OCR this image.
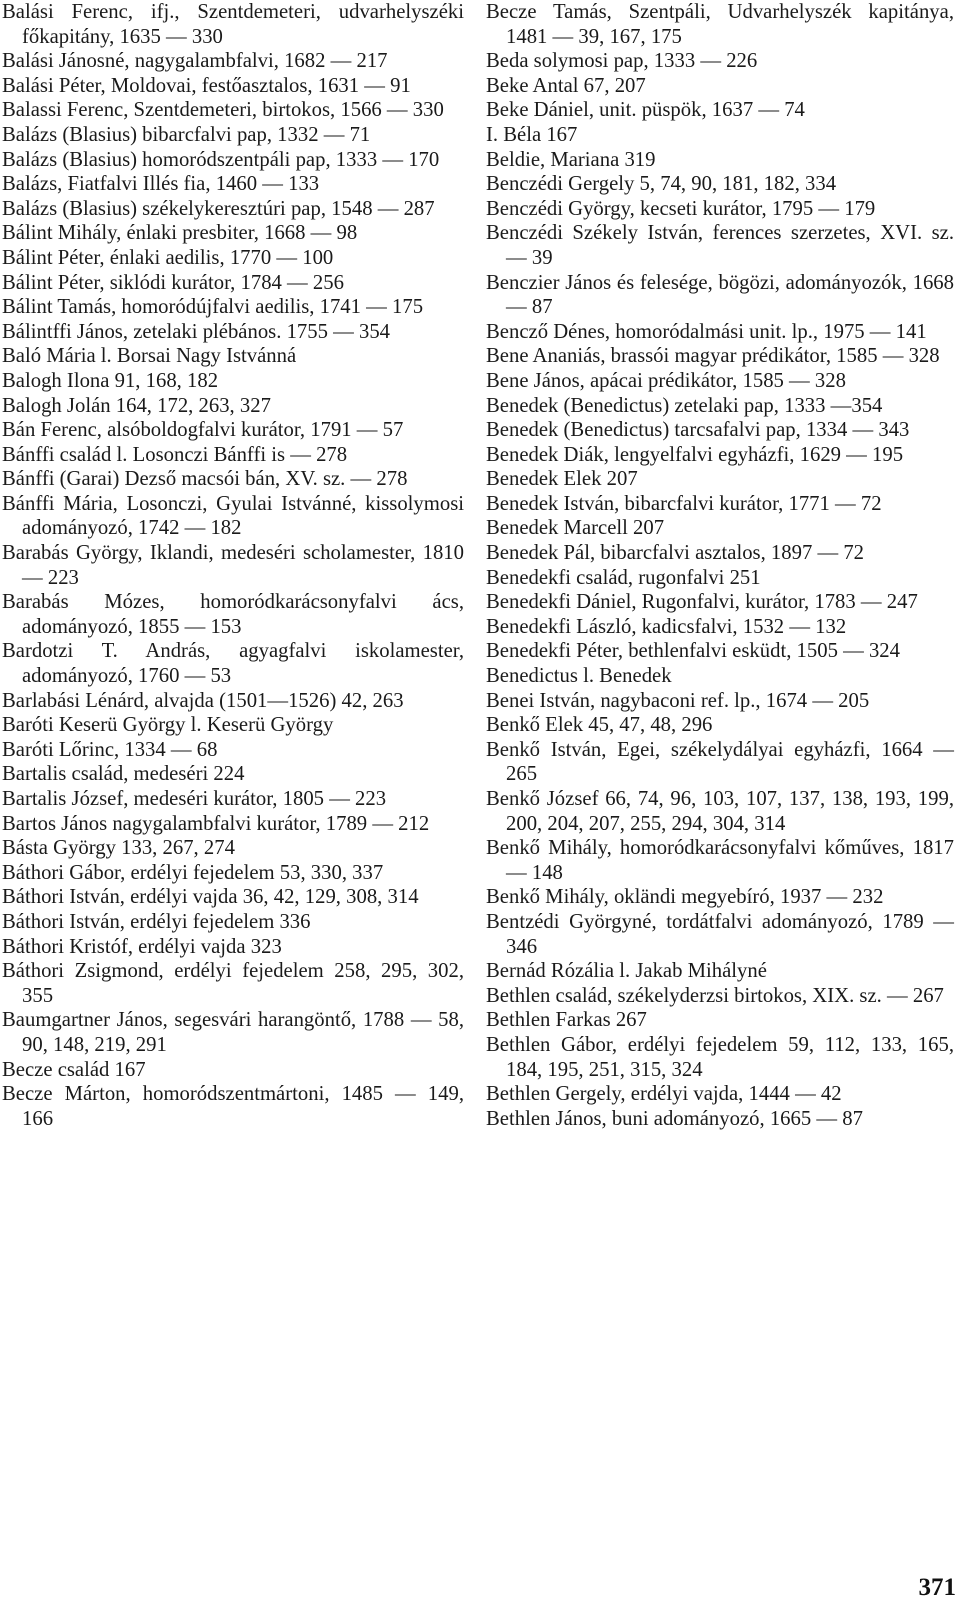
Balási Ferenc, ifj., Szentdemeteri, udvarhelyszéki főkapitány, 1635 — 330

Balási Jánosné, nagygalambfalvi, 1682 — 217

Balási Péter, Moldovai, festőasztalos, 1631 — 91

Balassi Ferenc, Szentdemeteri, birtokos, 1566 — 330

Balázs (Blasius) bibarcfalvi pap, 1332 — 71

Balázs (Blasius) homoródszentpáli pap, 1333 — 170

Balázs, Fiatfalvi Illés fia, 1460 — 133

Balázs (Blasius) székelykeresztúri pap, 1548 — 287

Bálint Mihály, énlaki presbiter, 1668 — 98

Bálint Péter, énlaki aedilis, 1770 — 100

Bálint Péter, siklódi kurátor, 1784 — 256

Bálint Tamás, homoródújfalvi aedilis, 1741 — 175

Bálintffi János, zetelaki plébános. 1755 — 354

Baló Mária l. Borsai Nagy Istvánná

Balogh Ilona 91, 168, 182

Balogh Jolán 164, 172, 263, 327

Bán Ferenc, alsóboldogfalvi kurátor, 1791 — 57

Bánffi család l. Losonczi Bánffi is — 278

Bánffi (Garai) Dezső macsói bán, XV. sz. — 278

Bánffi Mária, Losonczi, Gyulai Istvánné, kissolymosi adományozó, 1742 — 182

Barabás György, Iklandi, medeséri scholamester, 1810 — 223

Barabás Mózes, homoródkarácsonyfalvi ács, adományozó, 1855 — 153

Bardotzi T. András, agyagfalvi iskolamester, adományozó, 1760 — 53

Barlabási Lénárd, alvajda (1501—1526) 42, 263

Baróti Keserü György l. Keserü György

Baróti Lőrinc, 1334 — 68

Bartalis család, medeséri 224

Bartalis József, medeséri kurátor, 1805 — 223

Bartos János nagygalambfalvi kurátor, 1789 — 212

Básta György 133, 267, 274

Báthori Gábor, erdélyi fejedelem 53, 330, 337

Báthori István, erdélyi vajda 36, 42, 129, 308, 314

Báthori István, erdélyi fejedelem 336

Báthori Kristóf, erdélyi vajda 323

Báthori Zsigmond, erdélyi fejedelem 258, 295, 302, 355

Baumgartner János, segesvári harangöntő, 1788 — 58, 90, 148, 219, 291

Becze család 167

Becze Márton, homoródszentmártoni, 1485 — 149, 166

Becze Tamás, Szentpáli, Udvarhelyszék kapitánya, 1481 — 39, 167, 175

Beda solymosi pap, 1333 — 226

Beke Antal 67, 207

Beke Dániel, unit. püspök, 1637 — 74

I. Béla 167

Beldie, Mariana 319

Benczédi Gergely 5, 74, 90, 181, 182, 334

Benczédi György, kecseti kurátor, 1795 — 179

Benczédi Székely István, ferences szerzetes, XVI. sz. — 39

Benczier János és felesége, bögözi, adományozók, 1668 — 87

Bencző Dénes, homoródalmási unit. lp., 1975 — 141

Bene Ananiás, brassói magyar prédikátor, 1585 — 328

Bene János, apácai prédikátor, 1585 — 328

Benedek (Benedictus) zetelaki pap, 1333 —354

Benedek (Benedictus) tarcsafalvi pap, 1334 — 343

Benedek Diák, lengyelfalvi egyházfi, 1629 — 195

Benedek Elek 207

Benedek István, bibarcfalvi kurátor, 1771 — 72

Benedek Marcell 207

Benedek Pál, bibarcfalvi asztalos, 1897 — 72

Benedekfi család, rugonfalvi 251

Benedekfi Dániel, Rugonfalvi, kurátor, 1783 — 247

Benedekfi László, kadicsfalvi, 1532 — 132

Benedekfi Péter, bethlenfalvi esküdt, 1505 — 324

Benedictus l. Benedek

Benei István, nagybaconi ref. lp., 1674 — 205

Benkő Elek 45, 47, 48, 296

Benkő István, Egei, székelydályai egyházfi, 1664 — 265

Benkő József 66, 74, 96, 103, 107, 137, 138, 193, 199, 200, 204, 207, 255, 294, 304, 314

Benkő Mihály, homoródkarácsonyfalvi kőműves, 1817 — 148

Benkő Mihály, okländi megyebíró, 1937 — 232

Bentzédi Györgyné, tordátfalvi adományozó, 1789 — 346

Bernád Rózália l. Jakab Mihályné

Bethlen család, székelyderzsi birtokos, XIX. sz. — 267

Bethlen Farkas 267

Bethlen Gábor, erdélyi fejedelem 59, 112, 133, 165, 184, 195, 251, 315, 324

Bethlen Gergely, erdélyi vajda, 1444 — 42

Bethlen János, buni adományozó, 1665 — 87

371
